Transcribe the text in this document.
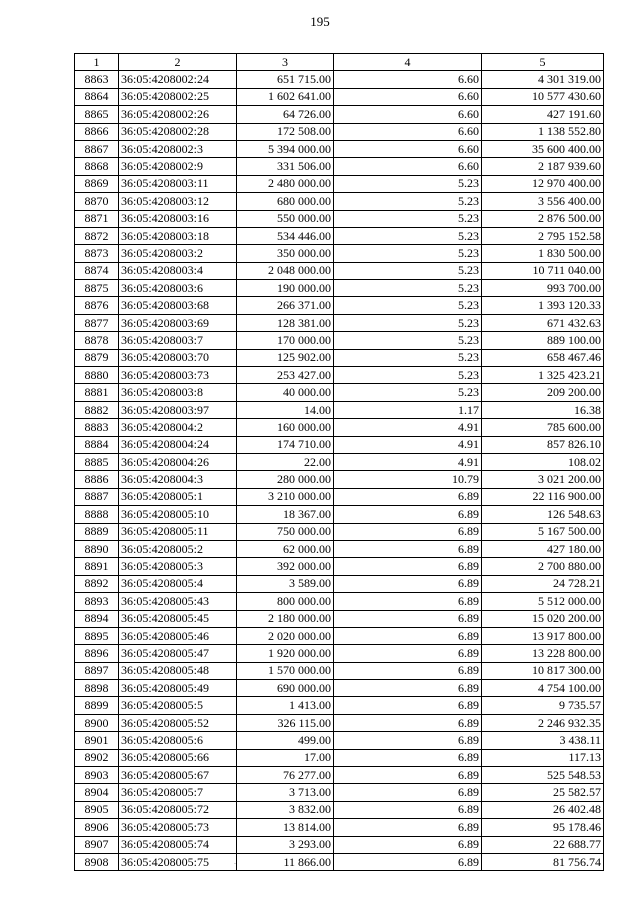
195
1	2	3	4	5
8863	36:05:4208002:24	651 715.00	6.60	4 301 319.00
8864	36:05:4208002:25	1 602 641.00	6.60	10 577 430.60
8865	36:05:4208002:26	64 726.00	6.60	427 191.60
8866	36:05:4208002:28	172 508.00	6.60	1 138 552.80
8867	36:05:4208002:3	5 394 000.00	6.60	35 600 400.00
8868	36:05:4208002:9	331 506.00	6.60	2 187 939.60
8869	36:05:4208003:11	2 480 000.00	5.23	12 970 400.00
8870	36:05:4208003:12	680 000.00	5.23	3 556 400.00
8871	36:05:4208003:16	550 000.00	5.23	2 876 500.00
8872	36:05:4208003:18	534 446.00	5.23	2 795 152.58
8873	36:05:4208003:2	350 000.00	5.23	1 830 500.00
8874	36:05:4208003:4	2 048 000.00	5.23	10 711 040.00
8875	36:05:4208003:6	190 000.00	5.23	993 700.00
8876	36:05:4208003:68	266 371.00	5.23	1 393 120.33
8877	36:05:4208003:69	128 381.00	5.23	671 432.63
8878	36:05:4208003:7	170 000.00	5.23	889 100.00
8879	36:05:4208003:70	125 902.00	5.23	658 467.46
8880	36:05:4208003:73	253 427.00	5.23	1 325 423.21
8881	36:05:4208003:8	40 000.00	5.23	209 200.00
8882	36:05:4208003:97	14.00	1.17	16.38
8883	36:05:4208004:2	160 000.00	4.91	785 600.00
8884	36:05:4208004:24	174 710.00	4.91	857 826.10
8885	36:05:4208004:26	22.00	4.91	108.02
8886	36:05:4208004:3	280 000.00	10.79	3 021 200.00
8887	36:05:4208005:1	3 210 000.00	6.89	22 116 900.00
8888	36:05:4208005:10	18 367.00	6.89	126 548.63
8889	36:05:4208005:11	750 000.00	6.89	5 167 500.00
8890	36:05:4208005:2	62 000.00	6.89	427 180.00
8891	36:05:4208005:3	392 000.00	6.89	2 700 880.00
8892	36:05:4208005:4	3 589.00	6.89	24 728.21
8893	36:05:4208005:43	800 000.00	6.89	5 512 000.00
8894	36:05:4208005:45	2 180 000.00	6.89	15 020 200.00
8895	36:05:4208005:46	2 020 000.00	6.89	13 917 800.00
8896	36:05:4208005:47	1 920 000.00	6.89	13 228 800.00
8897	36:05:4208005:48	1 570 000.00	6.89	10 817 300.00
8898	36:05:4208005:49	690 000.00	6.89	4 754 100.00
8899	36:05:4208005:5	1 413.00	6.89	9 735.57
8900	36:05:4208005:52	326 115.00	6.89	2 246 932.35
8901	36:05:4208005:6	499.00	6.89	3 438.11
8902	36:05:4208005:66	17.00	6.89	117.13
8903	36:05:4208005:67	76 277.00	6.89	525 548.53
8904	36:05:4208005:7	3 713.00	6.89	25 582.57
8905	36:05:4208005:72	3 832.00	6.89	26 402.48
8906	36:05:4208005:73	13 814.00	6.89	95 178.46
8907	36:05:4208005:74	3 293.00	6.89	22 688.77
8908	36:05:4208005:75	11 866.00	6.89	81 756.74
.
